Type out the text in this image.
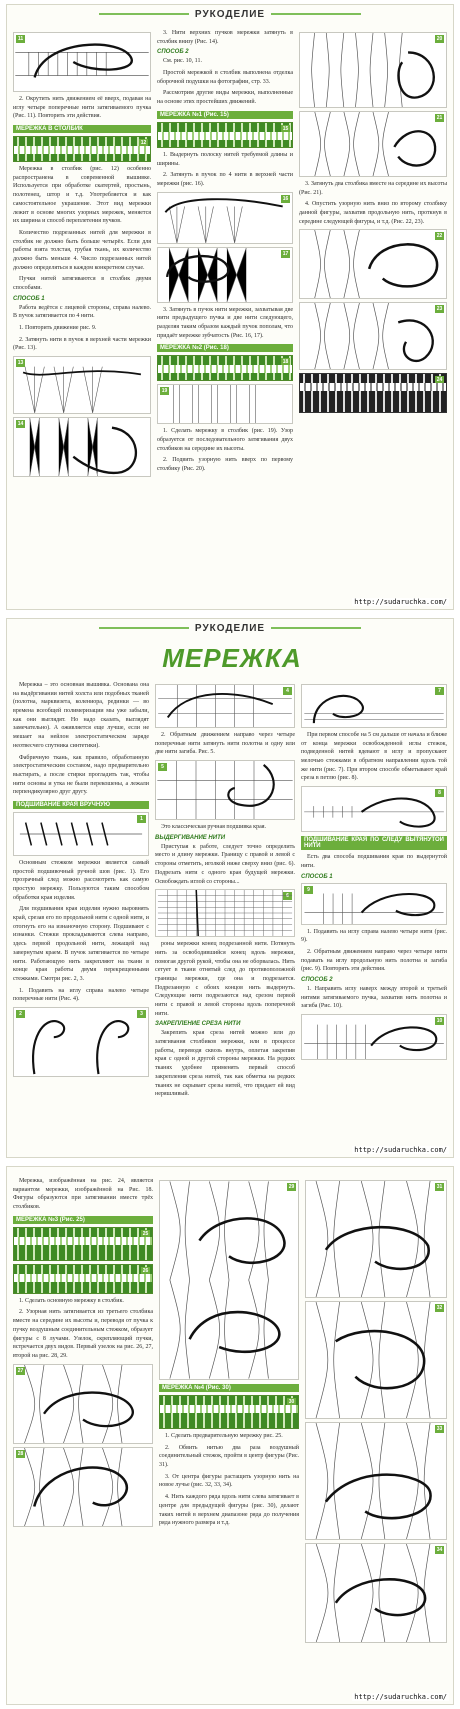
РУКОДЕЛИЕ
11

2. Окрутить нить движением её вверх, подавая на иглу четыре поперечные нити затягиваемого пучка (Рис. 11). Повторить эти действия.

МЕРЕЖКА В СТОЛБИК
12

Мережка в столбик (рис. 12) особенно распространена в современной вышивке. Используется при обработке скатертей, простынь, полотенец, штор и т.д. Употребляется и как самостоятельное украшение. Этот вид мережки лежит в основе многих узорных мережек, меняется их ширина и способ переплетения пучков.

Количество подрезанных нитей для мережки в столбик не должно быть больше четырёх. Если для работы взята толстая, грубая ткань, их количество должно быть меньше 4. Число подрезанных нитей должно определяться в каждом конкретном случае.

Пучки нитей затягиваются в столбик двумя способами.

СПОСОБ 1

Работа ведётся с лицевой стороны, справа налево. В пучок затягивается по 4 нити.

1. Повторить движение рис. 9.

2. Затянуть нити в пучок в верхней части мережки (Рис. 13).

13
14

3. Нити верхних пучков мережки затянуть в столбик внизу (Рис. 14).

СПОСОБ 2

См. рис. 10, 11.

Простой мережкой в столбик выполнена отделка оборочной подушки на фотографии, стр. 33.

Рассмотрим другие виды мережки, выполненные на основе этих простейших движений.

МЕРЕЖКА №1 (Рис. 15)
15

1. Выдернуть полоску нитей требуемой длины и ширины.

2. Затянуть в пучок по 4 нити в верхней части мережки (рис. 16).

16
17

3. Затянуть в пучок нити мережки, захватывая две нити предыдущего пучка и две нити следующего, разделяя таким образом каждый пучок пополам, что придаёт мережке зубчатость (Рис. 16, 17).

МЕРЕЖКА №2 (Рис. 18)
18
19

1. Сделать мережку в столбик (рис. 19). Узор образуется от последовательного затягивания двух столбиков на середине их высоты.

2. Подвить узорную нить вверх по первому столбику (Рис. 20).

20
21

3. Затянуть два столбика вместе на середине их высоты (Рис. 21).

4. Опустить узорную нить вниз по второму столбику данной фигуры, захватив продольную нить, проткнув в середине следующей фигуры, и т.д. (Рис. 22, 23).

22
23
24
http://sudaruchka.com/
РУКОДЕЛИЕ
МЕРЕЖКА

Мережка – это основная вышивка. Основана она на выдёргивании нитей холста или подобных тканей (полотна, марквизета, колениора, рединки — во времена всеобщей полимеризации мы уже забыли, как они выглядят. Но надо сказать, выглядят замечательно). А оживляется еще лучше, если не мешает на нейлон электростатическом заряде неотвесчего спутника синтетики).

Фабричную ткань, как правило, обработанную электростатическим составом, надо предварительно выстирать, а после стирки прогладить так, чтобы нити основы и утка не были перекошены, а лежали перпендикулярно друг другу.

ПОДШИВАНИЕ КРАЯ ВРУЧНУЮ
1

Основным стежком мережки является самый простой подшивочный ручной шов (рис. 1). Его прозрачный след можно рассмотреть как самую простую мережку. Пользуются таким способом обработки края изделия.

Для подшивания края изделия нужно выровнять край, срезав его по продольной нити с одной нити, и отогнуть его на изнаночную сторону. Подшивают с изнанки. Стежки прокладываются слева направо, здесь первой продольной нити, лежащей над завернутым краем. В пучок затягивается по четыре нити. Работающую нить закрепляют на ткани в конце края работы двумя перекрещенными стежками. Смотри рис. 2, 3.

1. Подавить на иглу справа налево четыре поперечные нити (Рис. 4).

2	3
4

2. Обратным движением направо через четыре поперечные нити затянуть нити полотна и одну или две нити загиба. Рис. 5.

5

Это классическая ручная подшивка края.

ВЫДЕРГИВАНИЕ НИТИ

Приступая к работе, следует точно определить место и длину мережки. Границу с правой и левой с стороны отметить, иголкой ниже сверху вниз (рис. 6). Подрезать нити с одного края будущей мережки. Освобождать иглой со стороны...

6

роны мережки конец подрезанной нити. Потянуть нить за освободившийся конец вдоль мережки, помогая другой рукой, чтобы она не оборвалась. Нить сетует в ткани отнятый след до противоположной границы мережки, где она и подрезается. Подрезанную с обоих концов нить выдернуть. Следующие нити подрезаются над срезом первой нити с правой и левой стороны вдоль поперечной нити.

ЗАКРЕПЛЕНИЕ СРЕЗА НИТИ

Закрепить края среза нитей можно или до затягивания столбиков мережки, или в процессе работы, переводя сквозь внутрь, оплетая закрепив края с одной и другой стороны мережки. На редких тканях удобнее применять первый способ закрепления среза нитей, так как обметка на редких тканях не скрывает срезы нитей, что придает ей вид неряшливый.

7

При первом способе на 5 см дальше от начала и ближе от конца мережки освобожденной иглы стежок, подведенной нитей вдевают в иглу и пропускают мелочью стежками в обратном направлении вдоль той же нити (рис. 7). При втором способе обметывают край среза в петлю (рис. 8).

8
ПОДШИВАНИЕ КРАЯ ПО СЛЕДУ ВЫТЯНУТОЙ НИТИ

Есть два способа подшивания края по выдернутой нити.

СПОСОБ 1
9

1. Подавить на иглу справа налево четыре нити (рис. 9).

2. Обратным движением направо через четыре нити подавать на иглу продольную нить полотна и загиба (рис. 9). Повторять эти действия.

СПОСОБ 2

1. Направить иглу наверх между второй и третьей нитями затягиваемого пучка, захватив нить полотна и загиба (Рис. 10).

10
http://sudaruchka.com/

Мережка, изображённая на рис. 24, является вариантом мережки, изображённой на Рис. 18. Фигуры образуются при затягивании вместе трёх столбиков.

МЕРЕЖКА №3 (Рис. 25)
25
26

1. Сделать основную мережку в столбик.

2. Узорная нить затягивается из третьего столбика вместе на середине их высоты и, переводя от пучка к пучку воздушным соединительным стежком, образует фигуры с 8 лучами. Узелок, скрепляющий пучки, встречается двух видов. Первый узелок на рис. 26, 27, второй на рис. 28, 29.

27
28
29
МЕРЕЖКА №4 (Рис. 30)
30

1. Сделать предварительную мережку рис. 25.

2. Обвить нитью два раза воздушный соединительный стежок, пройти в центр фигуры (Рис. 31).

3. От центра фигуры растащить узорную нить на новое лучье (рис. 32, 33, 34).

4. Нить каждого ряда вдоль нити слева затягивает в центре для предыдущей фигуры (рис. 30), делают таких нитей в верхнем диапазоне ряда до получения ряда нужного размера и т.д.

31
32
33
34
http://sudaruchka.com/
